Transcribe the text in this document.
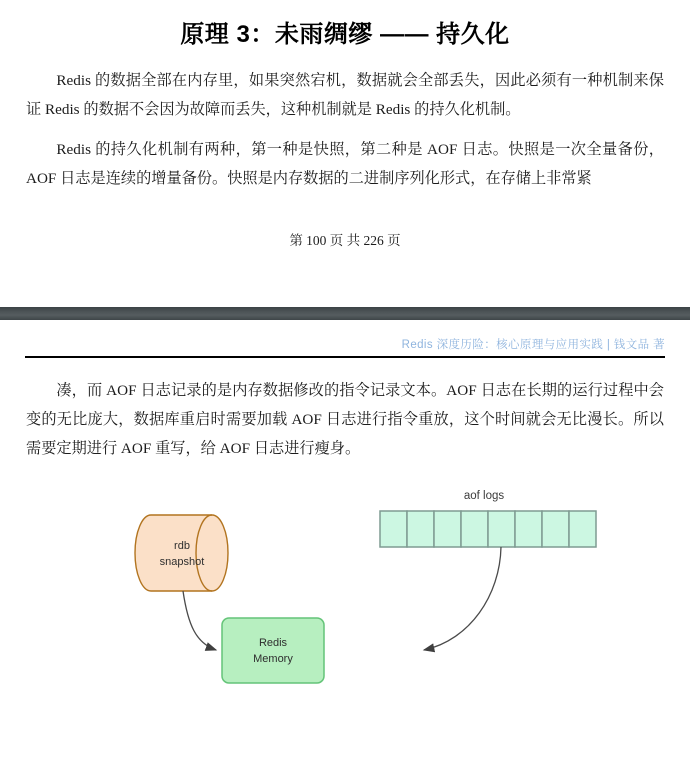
原理 3：未雨绸缪 —— 持久化

Redis 的数据全部在内存里，如果突然宕机，数据就会全部丢失，因此必须有一种机制来保证 Redis 的数据不会因为故障而丢失，这种机制就是 Redis 的持久化机制。

Redis 的持久化机制有两种，第一种是快照，第二种是 AOF 日志。快照是一次全量备份，AOF 日志是连续的增量备份。快照是内存数据的二进制序列化形式，在存储上非常紧

第 100 页 共 226 页
Redis 深度历险：核心原理与应用实践 | 钱文品 著

凑，而 AOF 日志记录的是内存数据修改的指令记录文本。AOF 日志在长期的运行过程中会变的无比庞大，数据库重启时需要加载 AOF 日志进行指令重放，这个时间就会无比漫长。所以需要定期进行 AOF 重写，给 AOF 日志进行瘦身。

rdb
snapshot
aof logs
Redis
Memory
